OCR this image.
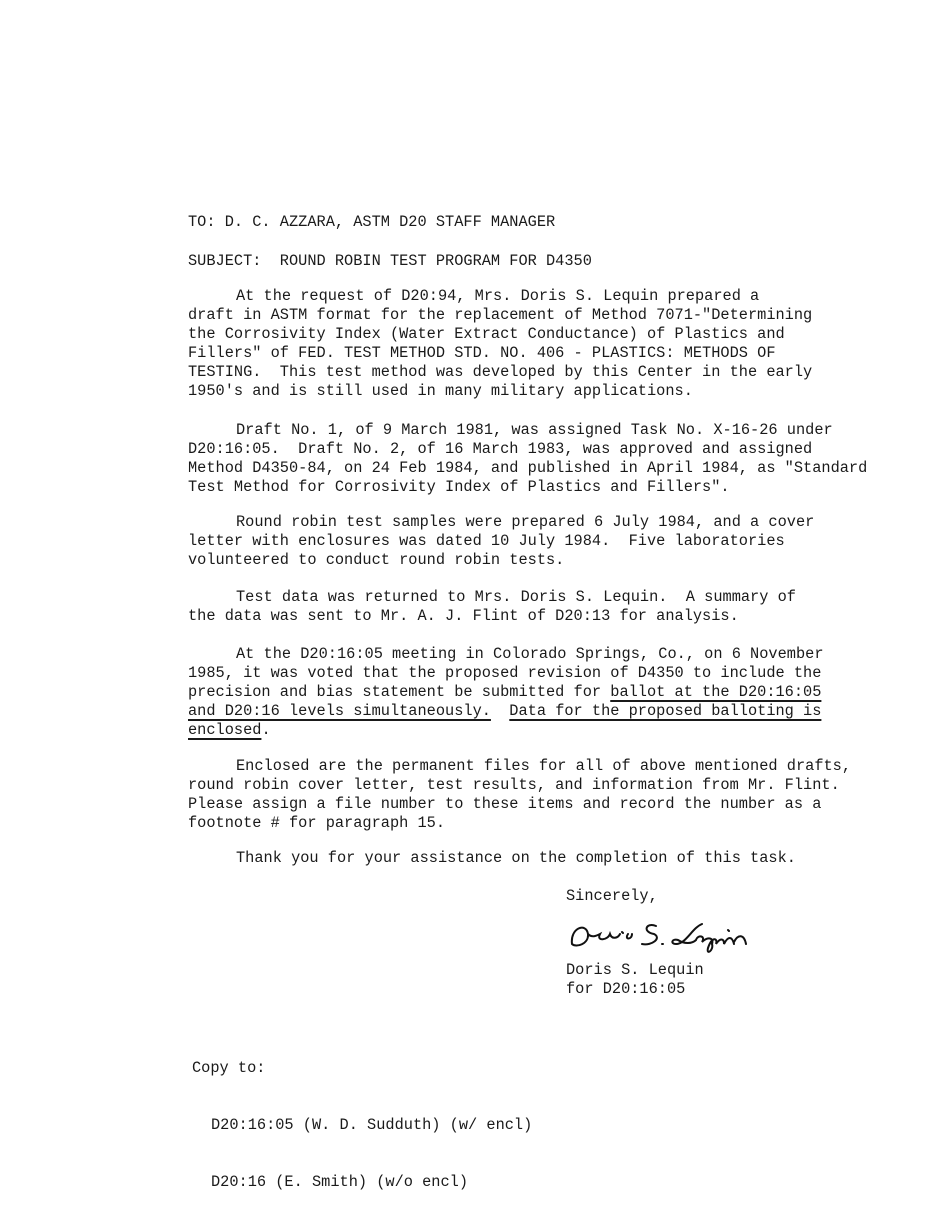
TO: D. C. AZZARA, ASTM D20 STAFF MANAGER
SUBJECT:  ROUND ROBIN TEST PROGRAM FOR D4350
At the request of D20:94, Mrs. Doris S. Lequin prepared a
draft in ASTM format for the replacement of Method 7071-"Determining
the Corrosivity Index (Water Extract Conductance) of Plastics and
Fillers" of FED. TEST METHOD STD. NO. 406 - PLASTICS: METHODS OF
TESTING.  This test method was developed by this Center in the early
1950's and is still used in many military applications.
Draft No. 1, of 9 March 1981, was assigned Task No. X-16-26 under
D20:16:05.  Draft No. 2, of 16 March 1983, was approved and assigned
Method D4350-84, on 24 Feb 1984, and published in April 1984, as "Standard
Test Method for Corrosivity Index of Plastics and Fillers".
Round robin test samples were prepared 6 July 1984, and a cover
letter with enclosures was dated 10 July 1984.  Five laboratories
volunteered to conduct round robin tests.
Test data was returned to Mrs. Doris S. Lequin.  A summary of
the data was sent to Mr. A. J. Flint of D20:13 for analysis.
At the D20:16:05 meeting in Colorado Springs, Co., on 6 November
1985, it was voted that the proposed revision of D4350 to include the
precision and bias statement be submitted for ballot at the D20:16:05
and D20:16 levels simultaneously. Data for the proposed balloting is
enclosed.
Enclosed are the permanent files for all of above mentioned drafts,
round robin cover letter, test results, and information from Mr. Flint.
Please assign a file number to these items and record the number as a
footnote # for paragraph 15.
Thank you for your assistance on the completion of this task.
Sincerely,
Doris S. Lequin
for D20:16:05

Copy to:

D20:16:05 (W. D. Sudduth) (w/ encl)

D20:16 (E. Smith) (w/o encl)
